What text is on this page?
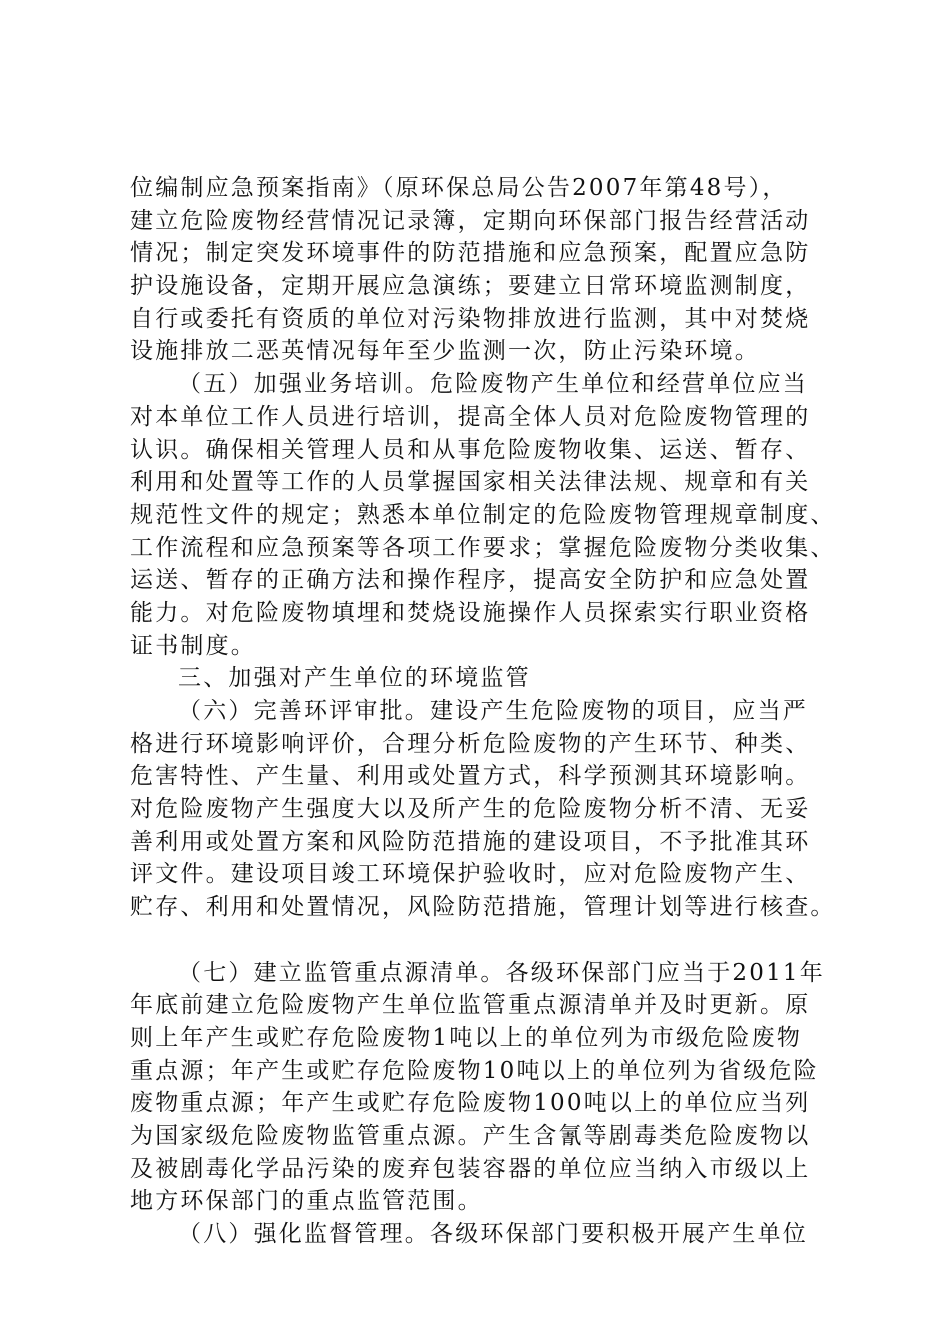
位编制应急预案指南》（原环保总局公告2007年第48号），
建立危险废物经营情况记录簿，定期向环保部门报告经营活动
情况；制定突发环境事件的防范措施和应急预案，配置应急防
护设施设备，定期开展应急演练；要建立日常环境监测制度，
自行或委托有资质的单位对污染物排放进行监测，其中对焚烧
设施排放二恶英情况每年至少监测一次，防止污染环境。
（五）加强业务培训。危险废物产生单位和经营单位应当
对本单位工作人员进行培训，提高全体人员对危险废物管理的
认识。确保相关管理人员和从事危险废物收集、运送、暂存、
利用和处置等工作的人员掌握国家相关法律法规、规章和有关
规范性文件的规定；熟悉本单位制定的危险废物管理规章制度、
工作流程和应急预案等各项工作要求；掌握危险废物分类收集、
运送、暂存的正确方法和操作程序，提高安全防护和应急处置
能力。对危险废物填埋和焚烧设施操作人员探索实行职业资格
证书制度。
三、加强对产生单位的环境监管
（六）完善环评审批。建设产生危险废物的项目，应当严
格进行环境影响评价，合理分析危险废物的产生环节、种类、
危害特性、产生量、利用或处置方式，科学预测其环境影响。
对危险废物产生强度大以及所产生的危险废物分析不清、无妥
善利用或处置方案和风险防范措施的建设项目，不予批准其环
评文件。建设项目竣工环境保护验收时，应对危险废物产生、
贮存、利用和处置情况，风险防范措施，管理计划等进行核查。
（七）建立监管重点源清单。各级环保部门应当于2011年
年底前建立危险废物产生单位监管重点源清单并及时更新。原
则上年产生或贮存危险废物1吨以上的单位列为市级危险废物
重点源；年产生或贮存危险废物10吨以上的单位列为省级危险
废物重点源；年产生或贮存危险废物100吨以上的单位应当列
为国家级危险废物监管重点源。产生含氰等剧毒类危险废物以
及被剧毒化学品污染的废弃包装容器的单位应当纳入市级以上
地方环保部门的重点监管范围。
（八）强化监督管理。各级环保部门要积极开展产生单位
